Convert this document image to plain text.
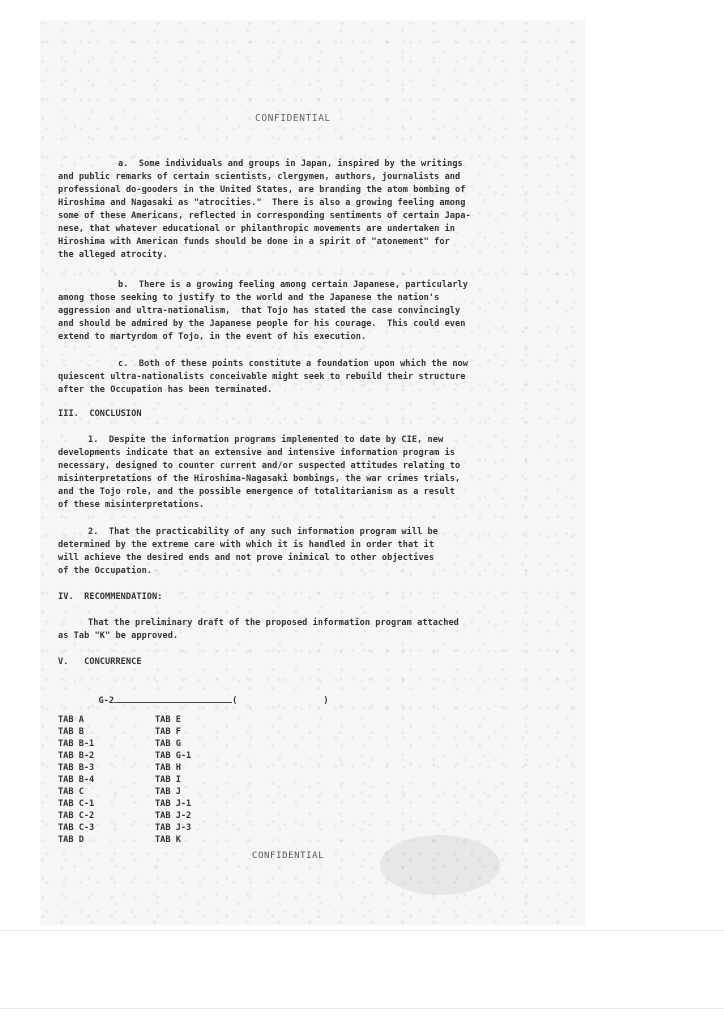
CONFIDENTIAL
a.  Some individuals and groups in Japan, inspired by the writings
and public remarks of certain scientists, clergymen, authors, journalists and
professional do-gooders in the United States, are branding the atom bombing of
Hiroshima and Nagasaki as "atrocities."  There is also a growing feeling among
some of these Americans, reflected in corresponding sentiments of certain Japa-
nese, that whatever educational or philanthropic movements are undertaken in
Hiroshima with American funds should be done in a spirit of "atonement" for
the alleged atrocity.
b.  There is a growing feeling among certain Japanese, particularly
among those seeking to justify to the world and the Japanese the nation's
aggression and ultra-nationalism,  that Tojo has stated the case convincingly
and should be admired by the Japanese people for his courage.  This could even
extend to martyrdom of Tojo, in the event of his execution.
c.  Both of these points constitute a foundation upon which the now
quiescent ultra-nationalists conceivable might seek to rebuild their structure
after the Occupation has been terminated.
III.  CONCLUSION
1.  Despite the information programs implemented to date by CIE, new
developments indicate that an extensive and intensive information program is
necessary, designed to counter current and/or suspected attitudes relating to
misinterpretations of the Hiroshima-Nagasaki bombings, the war crimes trials,
and the Tojo role, and the possible emergence of totalitarianism as a result
of these misinterpretations.
2.  That the practicability of any such information program will be
determined by the extreme care with which it is handled in order that it
will achieve the desired ends and not prove inimical to other objectives
of the Occupation.
IV.  RECOMMENDATION:
That the preliminary draft of the proposed information program attached
as Tab "K" be approved.
V.   CONCURRENCE

G-2	(	)

TAB A
TAB B
TAB B-1
TAB B-2
TAB B-3
TAB B-4
TAB C
TAB C-1
TAB C-2
TAB C-3
TAB D
TAB E
TAB F
TAB G
TAB G-1
TAB H
TAB I
TAB J
TAB J-1
TAB J-2
TAB J-3
TAB K
CONFIDENTIAL
